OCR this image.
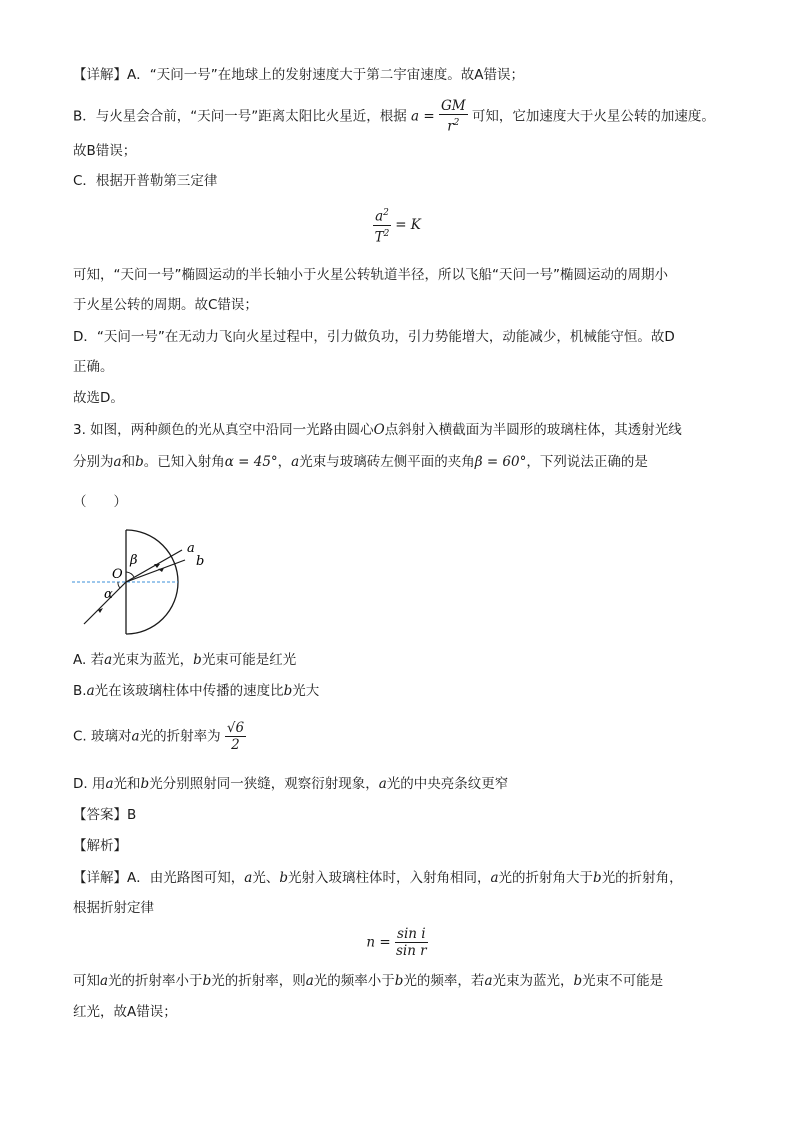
【详解】A．“天问一号”在地球上的发射速度大于第二宇宙速度。故A错误；
B．与火星会合前，“天问一号”距离太阳比火星近，根据 $a = \frac{GM}{r^2}$ 可知，它加速度大于火星公转的加速度。
故B错误；
C．根据开普勒第三定律
$\frac{a^2}{T^2} = K$
可知，“天问一号”椭圆运动的半长轴小于火星公转轨道半径，所以飞船“天问一号”椭圆运动的周期小
于火星公转的周期。故C错误；
D．“天问一号”在无动力飞向火星过程中，引力做负功，引力势能增大，动能减少，机械能守恒。故D
正确。
故选D。
3. 如图，两种颜色的光从真空中沿同一光路由圆心O点斜射入横截面为半圆形的玻璃柱体，其透射光线
分别为a和b。已知入射角α = 45°，a光束与玻璃砖左侧平面的夹角β = 60°，下列说法正确的是
（　　）
a
b
O
α
β
A. 若a光束为蓝光，b光束可能是红光
B.a光在该玻璃柱体中传播的速度比b光大
C. 玻璃对a光的折射率为 $\frac{√6}{2}$
D. 用a光和b光分别照射同一狭缝，观察衍射现象，a光的中央亮条纹更窄
【答案】B
【解析】
【详解】A．由光路图可知，a光、b光射入玻璃柱体时，入射角相同，a光的折射角大于b光的折射角，
根据折射定律
$n = \frac{\text{sin i}}{\text{sin r}}$
可知a光的折射率小于b光的折射率，则a光的频率小于b光的频率，若a光束为蓝光，b光束不可能是
红光，故A错误；
